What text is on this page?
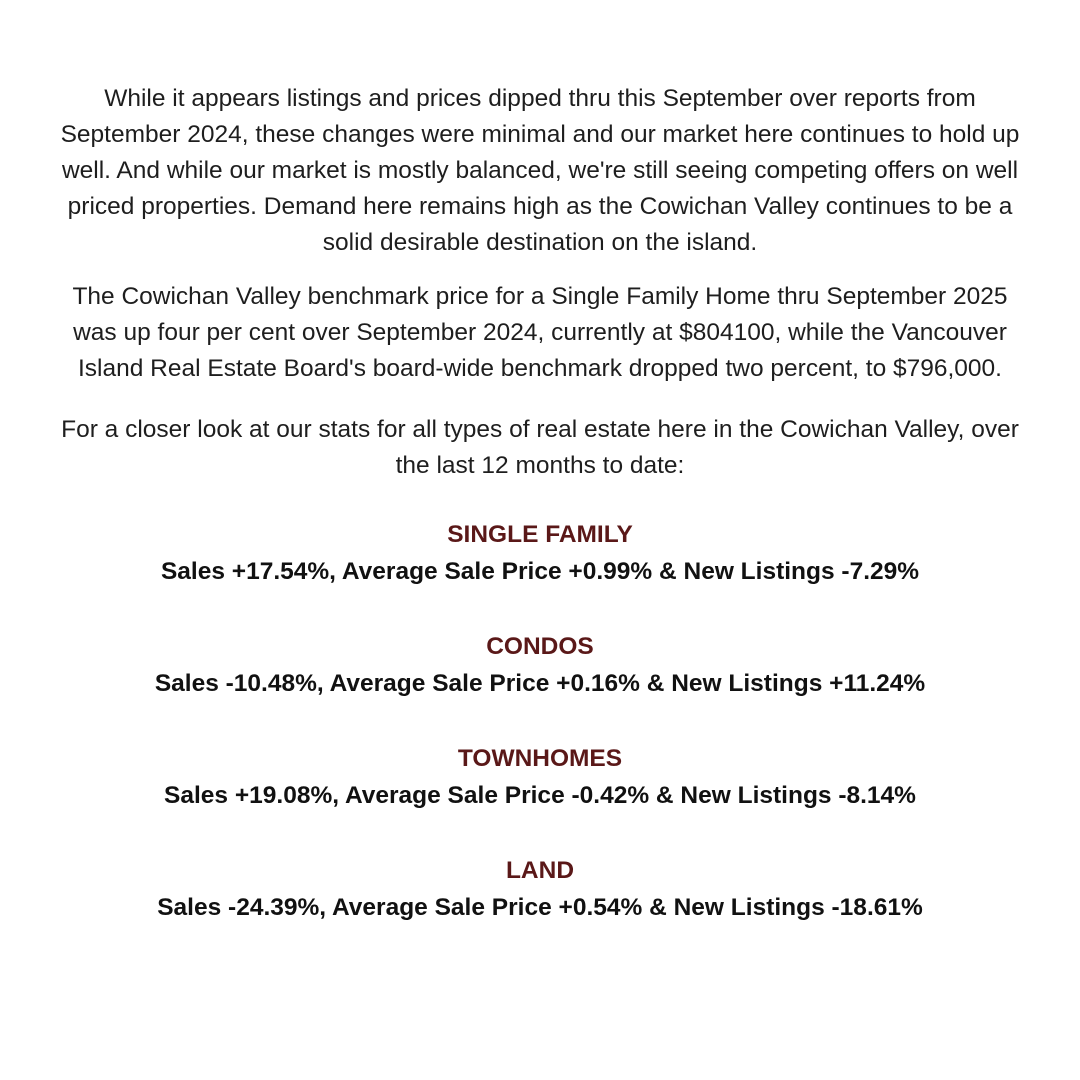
While it appears listings and prices dipped thru this September over reports from September 2024, these changes were minimal and our market here continues to hold up well. And while our market is mostly balanced, we're still seeing competing offers on well priced properties. Demand here remains high as the Cowichan Valley continues to be a solid desirable destination on the island.

The Cowichan Valley benchmark price for a Single Family Home thru September 2025 was up four per cent over September 2024, currently at $804100, while the Vancouver Island Real Estate Board's board-wide benchmark dropped two percent, to $796,000.

For a closer look at our stats for all types of real estate here in the Cowichan Valley, over the last 12 months to date:

SINGLE FAMILY
Sales +17.54%, Average Sale Price +0.99% & New Listings -7.29%
CONDOS
Sales -10.48%, Average Sale Price +0.16% & New Listings +11.24%
TOWNHOMES
Sales +19.08%, Average Sale Price -0.42% & New Listings -8.14%
LAND
Sales -24.39%, Average Sale Price +0.54% & New Listings -18.61%
